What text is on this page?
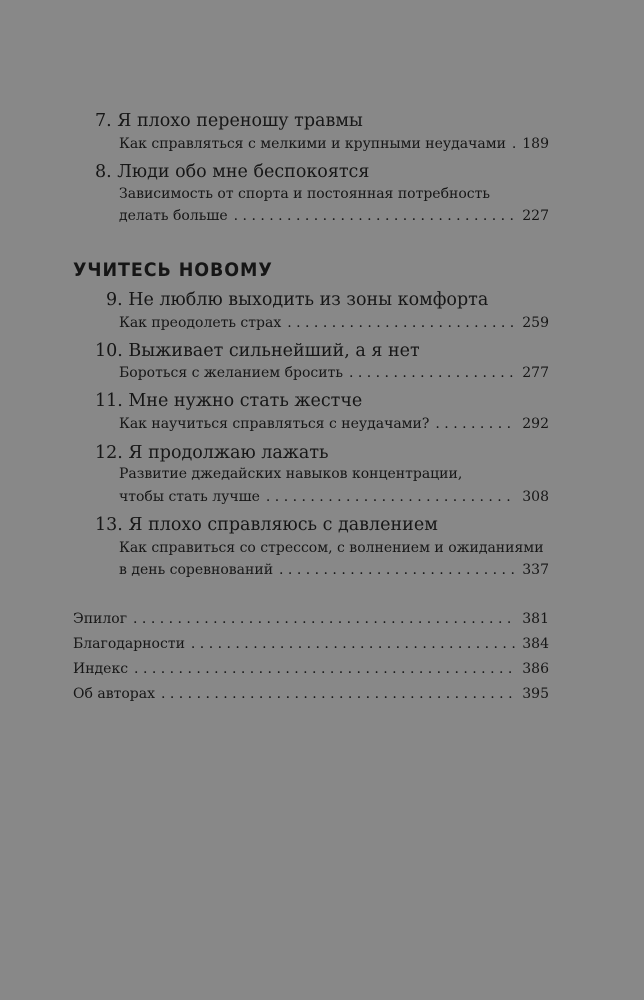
7. Я плохо переношу травмы
Как справляться с мелкими и крупными неудачами . . . 189
8. Люди обо мне беспокоятся
Зависимость от спорта и постоянная потребность
делать больше . . .	227
УЧИТЕСЬ НОВОМУ
9. Не люблю выходить из зоны комфорта
Как преодолеть страх . . .	259
10. Выживает сильнейший, а я нет
Бороться с желанием бросить . . .	277
11. Мне нужно стать жестче
Как научиться справляться с неудачами? . . .	292
12. Я продолжаю лажать
Развитие джедайских навыков концентрации,
чтобы стать лучше . . .	308
13. Я плохо справляюсь с давлением
Как справиться со стрессом, с волнением и ожиданиями
в день соревнований . . .	337
Эпилог . . .	381
Благодарности . . .	384
Индекс . . .	386
Об авторах . . .	395
